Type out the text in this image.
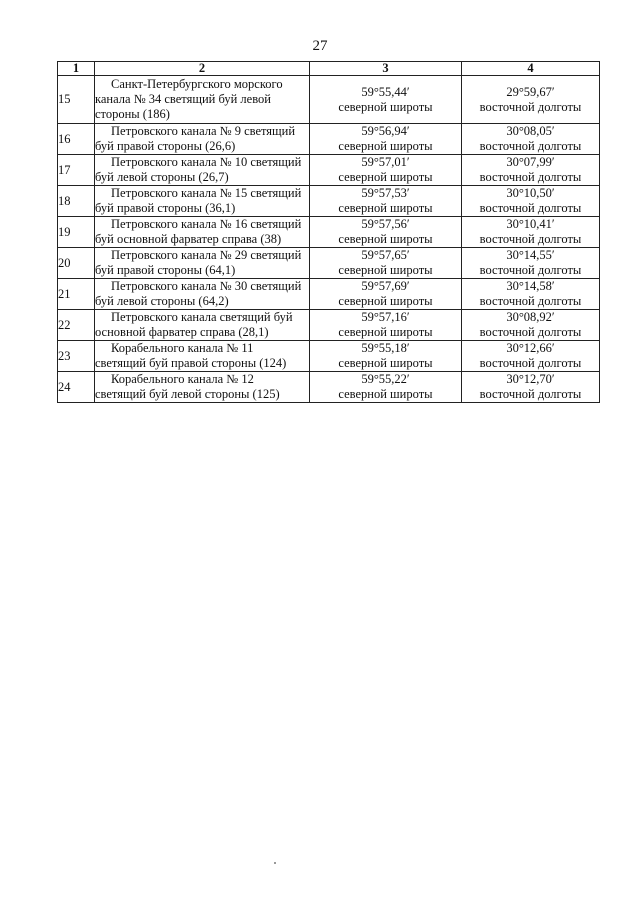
27
1	2	3	4
15	Санкт-Петербургского морского
канала № 34 светящий буй левой
стороны (186)	59°55,44′
северной широты	29°59,67′
восточной долготы

16	Петровского канала № 9 светящий
буй правой стороны (26,6)	59°56,94′
северной широты	30°08,05′
восточной долготы

17	Петровского канала № 10 светящий
буй левой стороны (26,7)	59°57,01′
северной широты	30°07,99′
восточной долготы

18	Петровского канала № 15 светящий
буй правой стороны (36,1)	59°57,53′
северной широты	30°10,50′
восточной долготы

19	Петровского канала № 16 светящий
буй основной фарватер справа (38)	59°57,56′
северной широты	30°10,41′
восточной долготы

20	Петровского канала № 29 светящий
буй правой стороны (64,1)	59°57,65′
северной широты	30°14,55′
восточной долготы

21	Петровского канала № 30 светящий
буй левой стороны (64,2)	59°57,69′
северной широты	30°14,58′
восточной долготы

22	Петровского канала светящий буй
основной фарватер справа (28,1)	59°57,16′
северной широты	30°08,92′
восточной долготы

23	Корабельного канала № 11
светящий буй правой стороны (124)	59°55,18′
северной широты	30°12,66′
восточной долготы

24	Корабельного канала № 12
светящий буй левой стороны (125)	59°55,22′
северной широты	30°12,70′
восточной долготы
